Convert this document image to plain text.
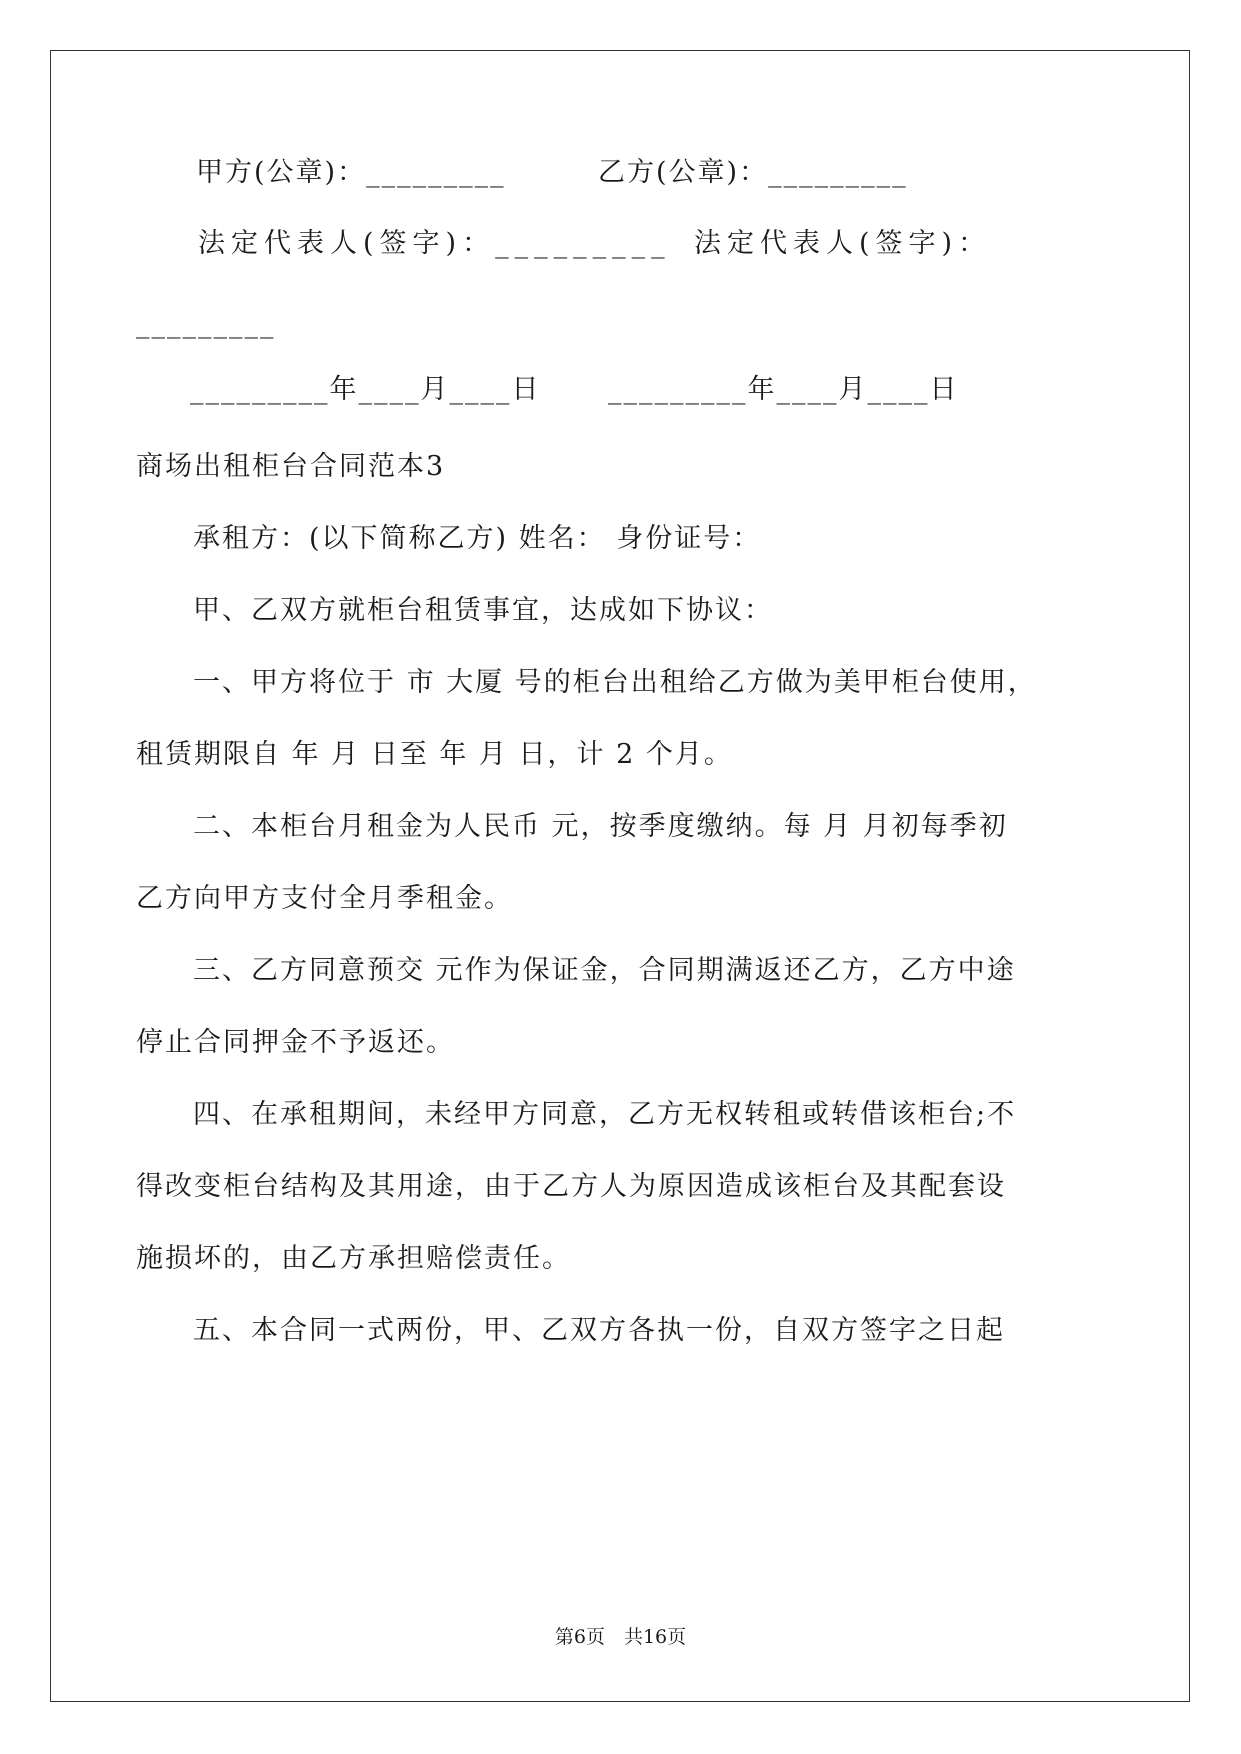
甲方(公章)：_________	乙方(公章)：_________
法定代表人(签字)：_________ 法定代表人(签字)：
_________
_________年____月____日	_________年____月____日
商场出租柜台合同范本3
承租方：(以下简称乙方) 姓名： 身份证号：
甲、乙双方就柜台租赁事宜，达成如下协议：
一、甲方将位于 市 大厦 号的柜台出租给乙方做为美甲柜台使用，
租赁期限自 年 月 日至 年 月 日，计 2 个月。
二、本柜台月租金为人民币 元，按季度缴纳。每 月 月初每季初
乙方向甲方支付全月季租金。
三、乙方同意预交 元作为保证金，合同期满返还乙方，乙方中途
停止合同押金不予返还。
四、在承租期间，未经甲方同意，乙方无权转租或转借该柜台;不
得改变柜台结构及其用途，由于乙方人为原因造成该柜台及其配套设
施损坏的，由乙方承担赔偿责任。
五、本合同一式两份，甲、乙双方各执一份，自双方签字之日起
第6页　共16页
